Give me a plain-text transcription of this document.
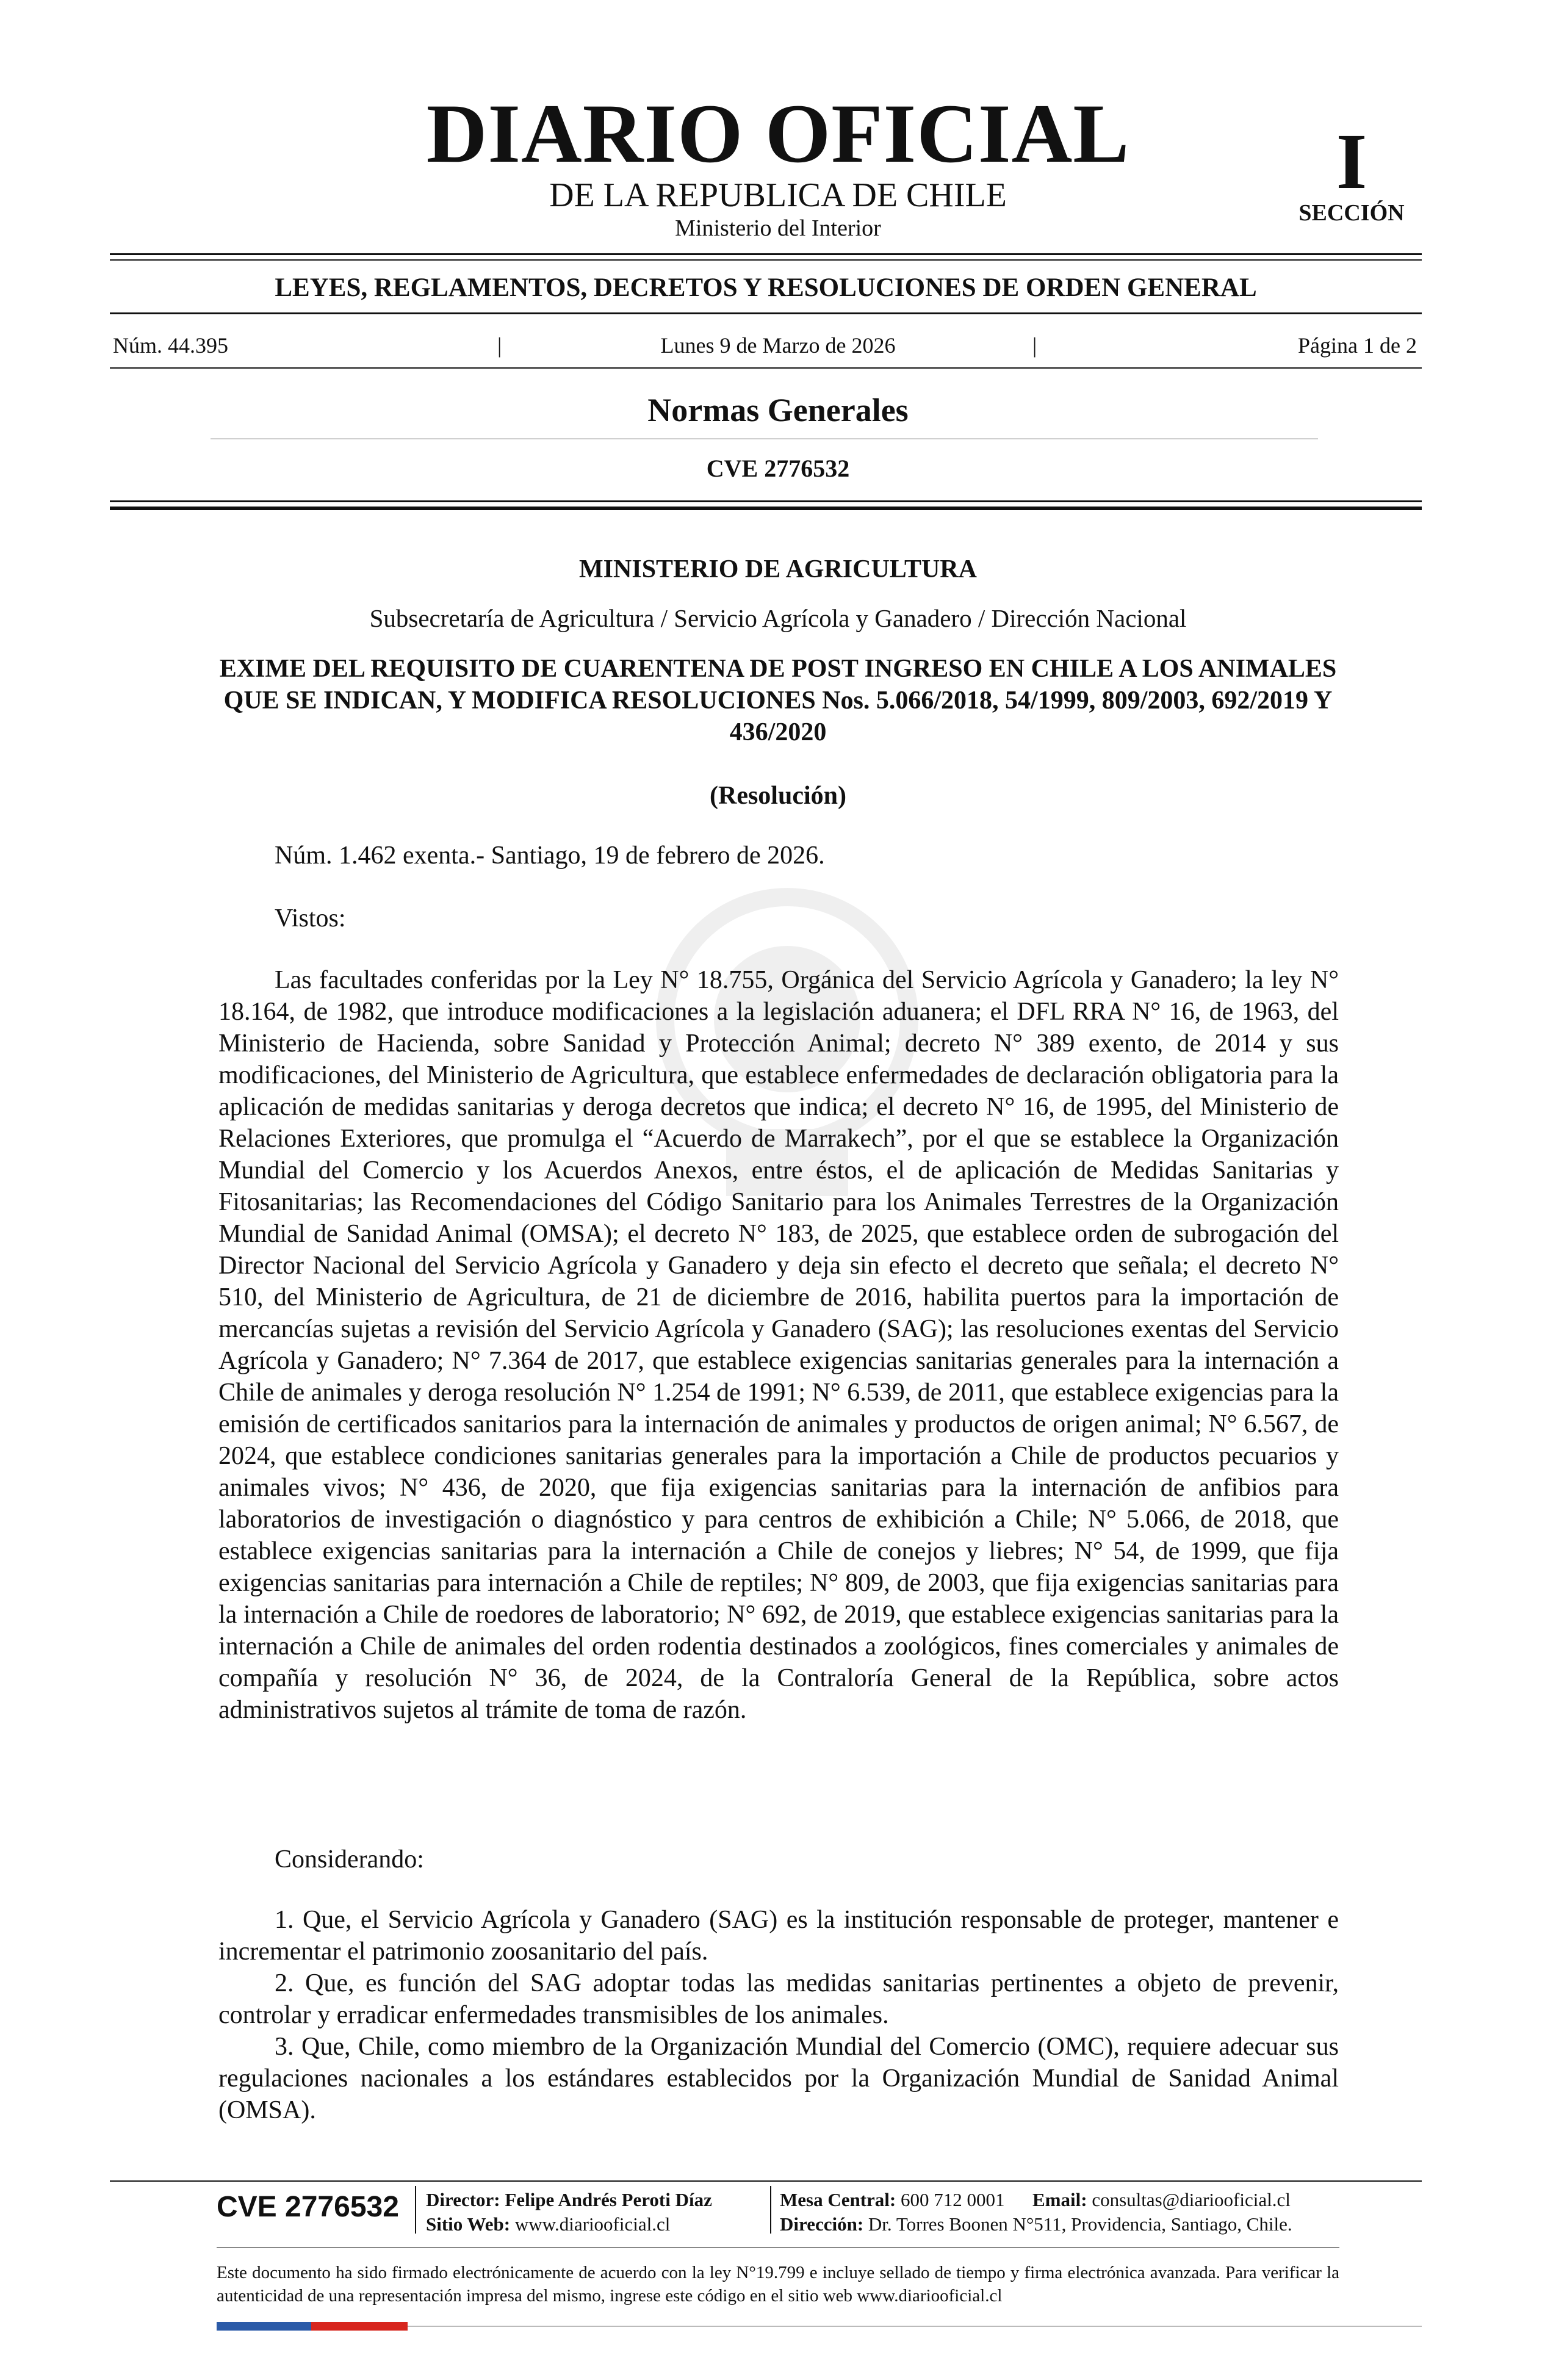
DIARIO OFICIAL
DE LA REPUBLICA DE CHILE
Ministerio del Interior
I
SECCIÓN
LEYES, REGLAMENTOS, DECRETOS Y RESOLUCIONES DE ORDEN GENERAL
Núm. 44.395	|	Lunes 9 de Marzo de 2026	|	Página 1 de 2
Normas Generales
CVE 2776532
MINISTERIO DE AGRICULTURA
Subsecretaría de Agricultura / Servicio Agrícola y Ganadero / Dirección Nacional
EXIME DEL REQUISITO DE CUARENTENA DE POST INGRESO EN CHILE A LOS ANIMALES QUE SE INDICAN, Y MODIFICA RESOLUCIONES Nos. 5.066/2018, 54/1999, 809/2003, 692/2019 Y 436/2020
(Resolución)
Núm. 1.462 exenta.- Santiago, 19 de febrero de 2026.
Vistos:

Las facultades conferidas por la Ley N° 18.755, Orgánica del Servicio Agrícola y Ganadero; la ley N° 18.164, de 1982, que introduce modificaciones a la legislación aduanera; el DFL RRA N° 16, de 1963, del Ministerio de Hacienda, sobre Sanidad y Protección Animal; decreto N° 389 exento, de 2014 y sus modificaciones, del Ministerio de Agricultura, que establece enfermedades de declaración obligatoria para la aplicación de medidas sanitarias y deroga decretos que indica; el decreto N° 16, de 1995, del Ministerio de Relaciones Exteriores, que promulga el “Acuerdo de Marrakech”, por el que se establece la Organización Mundial del Comercio y los Acuerdos Anexos, entre éstos, el de aplicación de Medidas Sanitarias y Fitosanitarias; las Recomendaciones del Código Sanitario para los Animales Terrestres de la Organización Mundial de Sanidad Animal (OMSA); el decreto N° 183, de 2025, que establece orden de subrogación del Director Nacional del Servicio Agrícola y Ganadero y deja sin efecto el decreto que señala; el decreto N° 510, del Ministerio de Agricultura, de 21 de diciembre de 2016, habilita puertos para la importación de mercancías sujetas a revisión del Servicio Agrícola y Ganadero (SAG); las resoluciones exentas del Servicio Agrícola y Ganadero; N° 7.364 de 2017, que establece exigencias sanitarias generales para la internación a Chile de animales y deroga resolución N° 1.254 de 1991; N° 6.539, de 2011, que establece exigencias para la emisión de certificados sanitarios para la internación de animales y productos de origen animal; N° 6.567, de 2024, que establece condiciones sanitarias generales para la importación a Chile de productos pecuarios y animales vivos; N° 436, de 2020, que fija exigencias sanitarias para la internación de anfibios para laboratorios de investigación o diagnóstico y para centros de exhibición a Chile; N° 5.066, de 2018, que establece exigencias sanitarias para la internación a Chile de conejos y liebres; N° 54, de 1999, que fija exigencias sanitarias para internación a Chile de reptiles; N° 809, de 2003, que fija exigencias sanitarias para la internación a Chile de roedores de laboratorio; N° 692, de 2019, que establece exigencias sanitarias para la internación a Chile de animales del orden rodentia destinados a zoológicos, fines comerciales y animales de compañía y resolución N° 36, de 2024, de la Contraloría General de la República, sobre actos administrativos sujetos al trámite de toma de razón.

Considerando:

1. Que, el Servicio Agrícola y Ganadero (SAG) es la institución responsable de proteger, mantener e incrementar el patrimonio zoosanitario del país.

2. Que, es función del SAG adoptar todas las medidas sanitarias pertinentes a objeto de prevenir, controlar y erradicar enfermedades transmisibles de los animales.

3. Que, Chile, como miembro de la Organización Mundial del Comercio (OMC), requiere adecuar sus regulaciones nacionales a los estándares establecidos por la Organización Mundial de Sanidad Animal (OMSA).

CVE 2776532	Director: Felipe Andrés Peroti Díaz
Sitio Web: www.diariooficial.cl
Mesa Central: 600 712 0001 Email: consultas@diariooficial.cl
Dirección: Dr. Torres Boonen N°511, Providencia, Santiago, Chile.
Este documento ha sido firmado electrónicamente de acuerdo con la ley N°19.799 e incluye sellado de tiempo y firma electrónica avanzada. Para verificar la autenticidad de una representación impresa del mismo, ingrese este código en el sitio web www.diariooficial.cl
